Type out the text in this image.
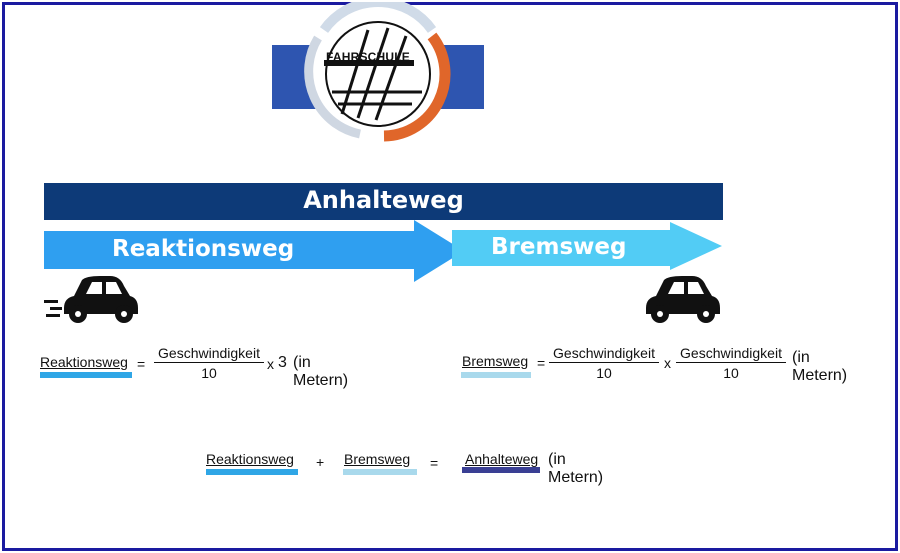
FAHRSCHULE
Anhalteweg
Reaktionsweg	Bremsweg
Reaktionsweg =
Geschwindigkeit
10
x 3 (in Metern)
Bremsweg =
Geschwindigkeit
10
x
Geschwindigkeit
10
(in Metern)
Reaktionsweg + Bremsweg = Anhalteweg (in Metern)
